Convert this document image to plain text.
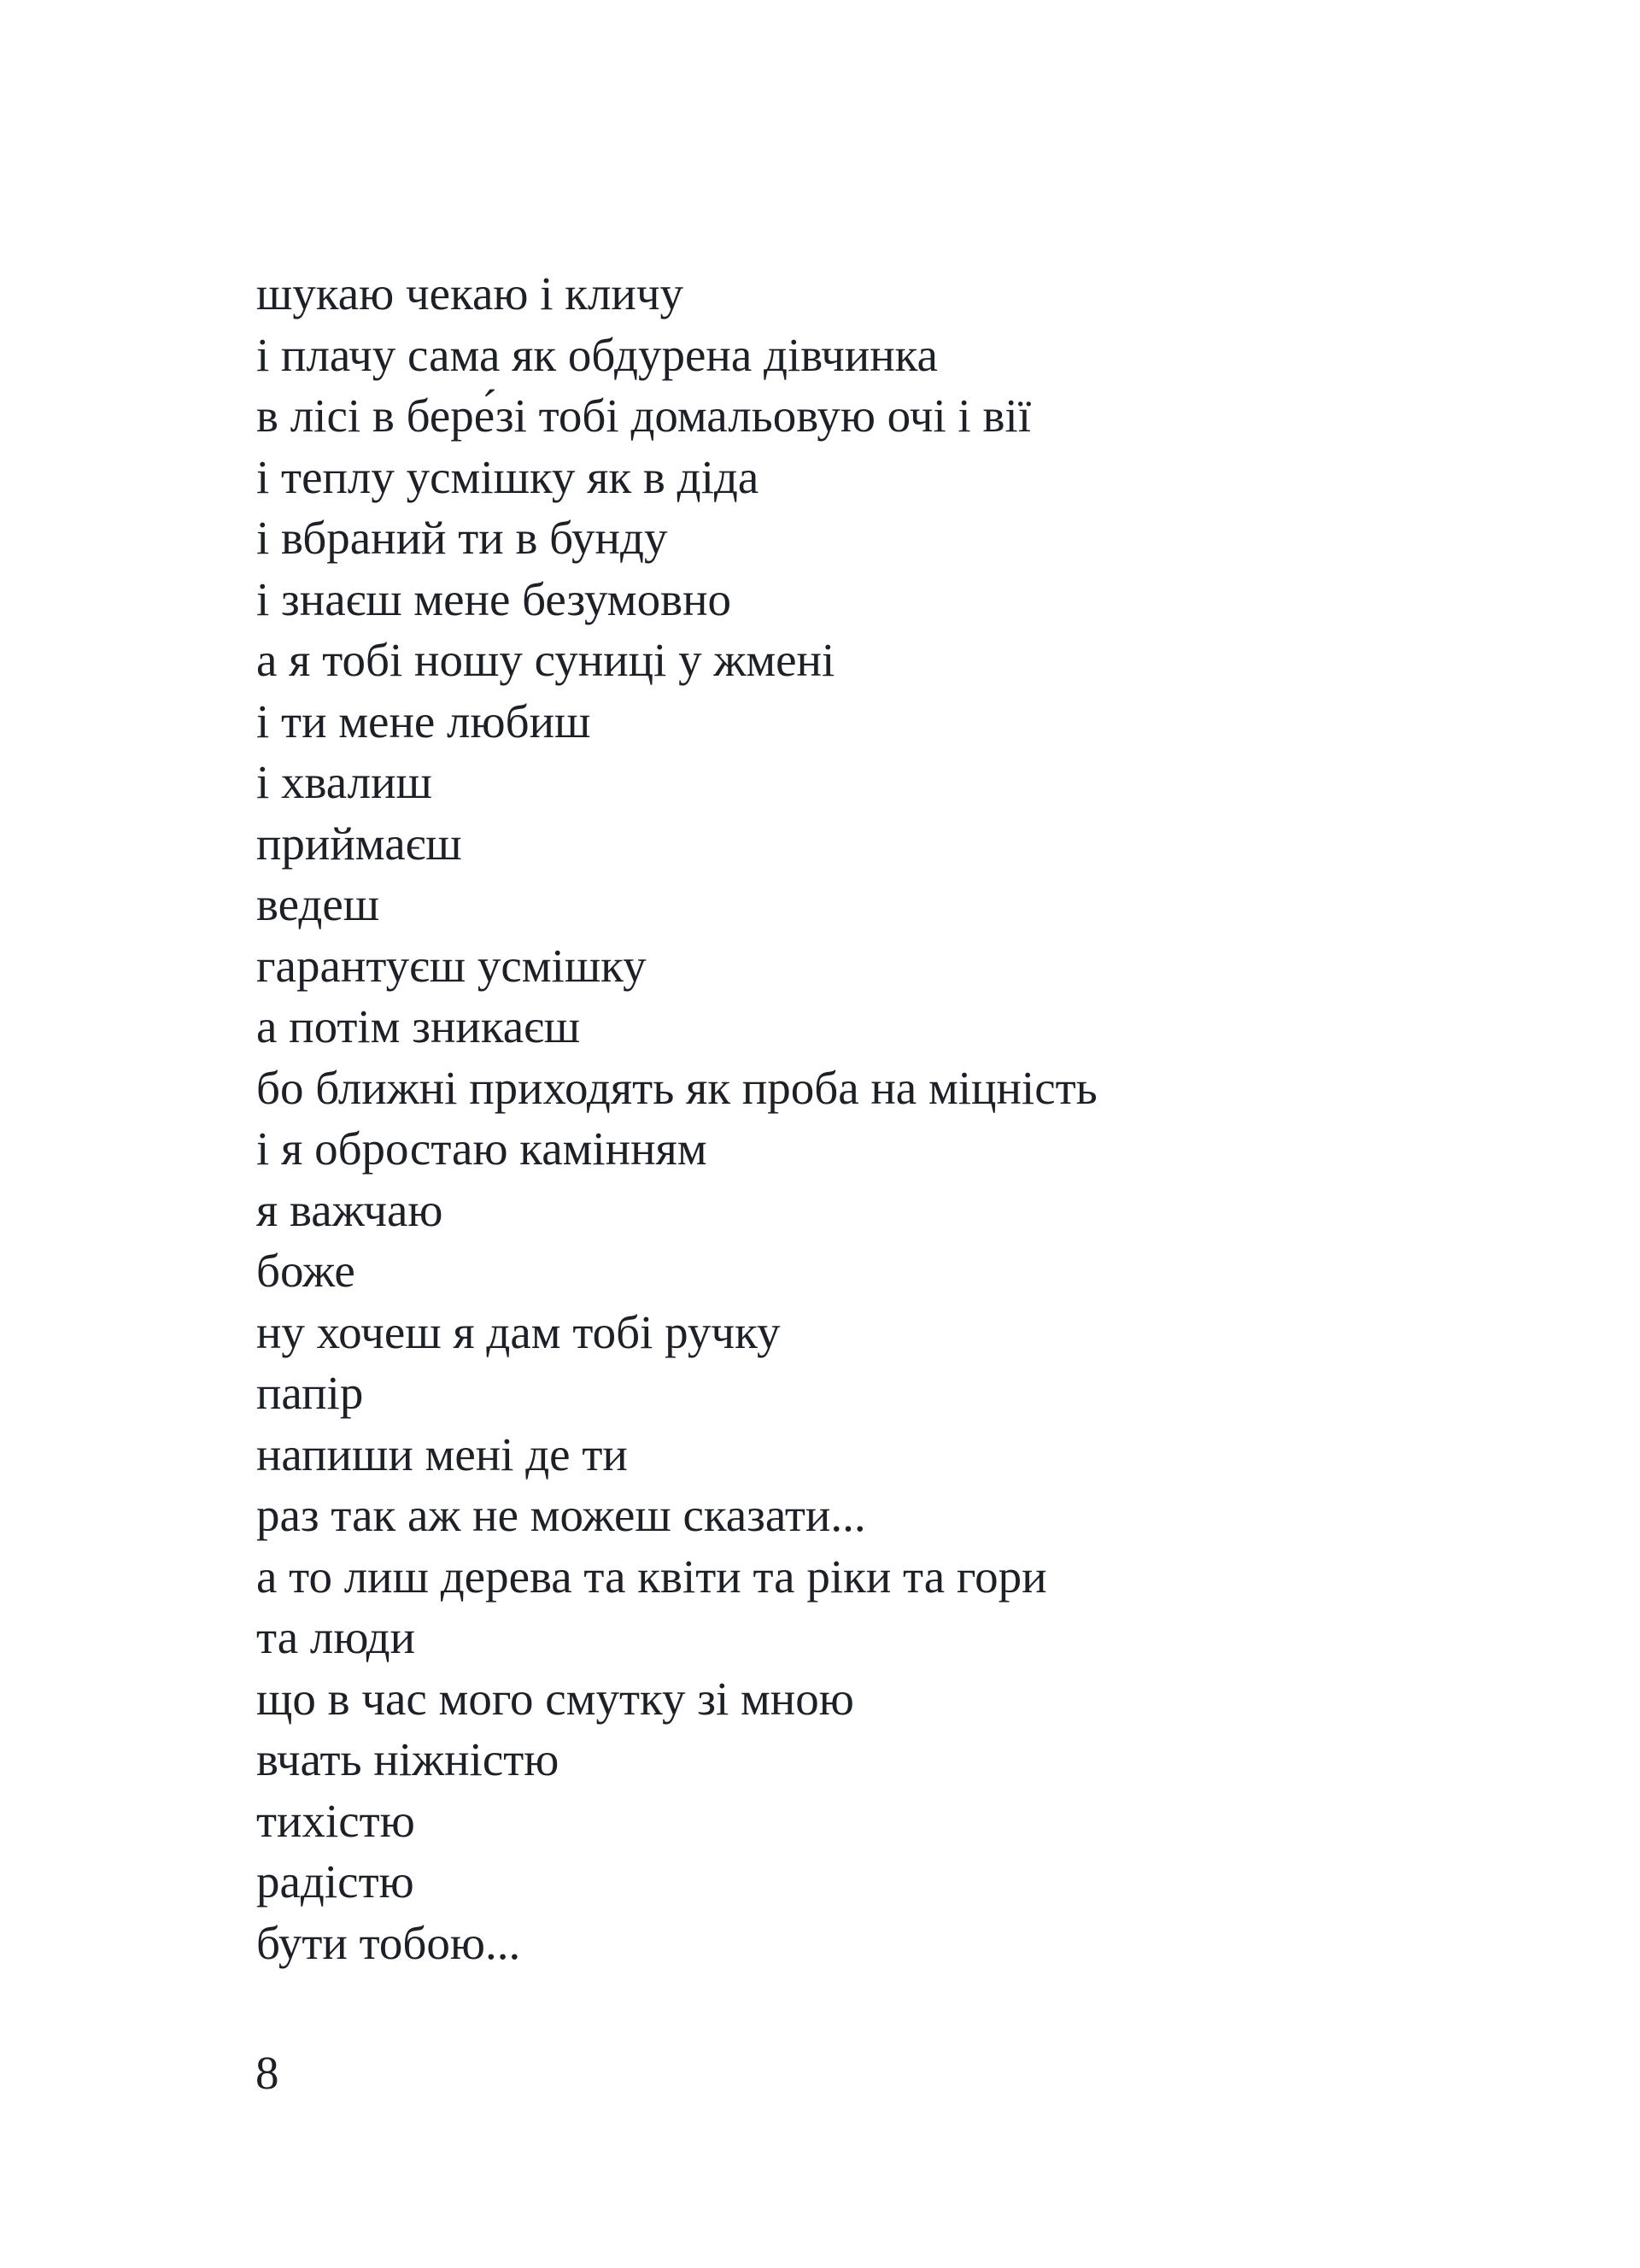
шукаю чекаю і кличу
і плачу сама як обдурена дівчинка
в лісі в бере́зі тобі домальовую очі і вії
і теплу усмішку як в діда
і вбраний ти в бунду
і знаєш мене безумовно
а я тобі ношу суниці у жмені
і ти мене любиш
і хвалиш
приймаєш
ведеш
гарантуєш усмішку
а потім зникаєш
бо ближні приходять як проба на міцність
і я обростаю камінням
я важчаю
боже
ну хочеш я дам тобі ручку
папір
напиши мені де ти
раз так аж не можеш сказати...
а то лиш дерева та квіти та ріки та гори
та люди
що в час мого смутку зі мною
вчать ніжністю
тихістю
радістю
бути тобою...
8
